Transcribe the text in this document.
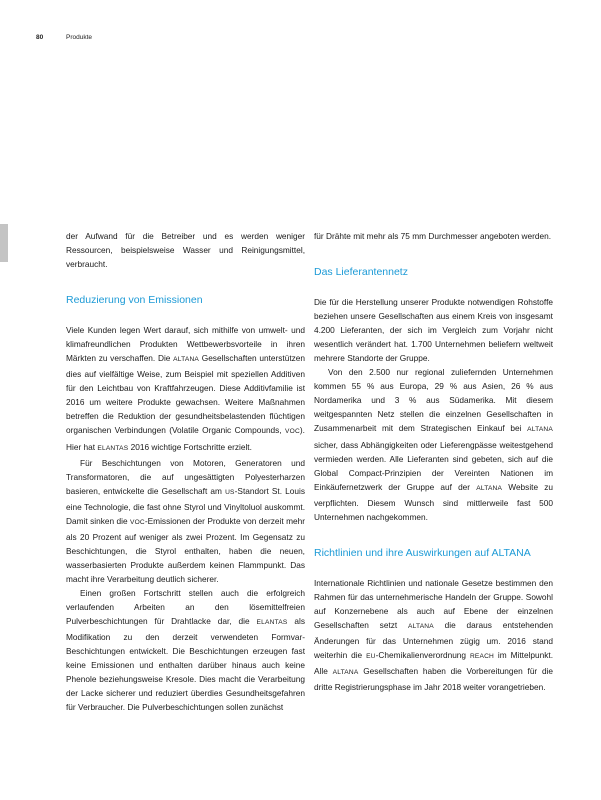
80	Produkte

der Aufwand für die Betreiber und es werden weniger Ressourcen, beispielsweise Wasser und Reinigungsmittel, verbraucht.

Reduzierung von Emissionen

Viele Kunden legen Wert darauf, sich mithilfe von umwelt- und klimafreundlichen Produkten Wettbewerbsvorteile in ihren Märkten zu verschaffen. Die ALTANA Gesellschaften unterstützen dies auf vielfältige Weise, zum Beispiel mit speziellen Additiven für den Leichtbau von Kraftfahrzeugen. Diese Additivfamilie ist 2016 um weitere Produkte gewachsen. Weitere Maßnahmen betreffen die Reduktion der gesundheitsbelastenden flüchtigen organischen Verbindungen (Volatile Organic Compounds, VOC). Hier hat ELANTAS 2016 wichtige Fortschritte erzielt.

Für Beschichtungen von Motoren, Generatoren und Transformatoren, die auf ungesättigten Polyesterharzen basieren, entwickelte die Gesellschaft am US-Standort St. Louis eine Technologie, die fast ohne Styrol und Vinyltoluol auskommt. Damit sinken die VOC-Emissionen der Produkte von derzeit mehr als 20 Prozent auf weniger als zwei Prozent. Im Gegensatz zu Beschichtungen, die Styrol enthalten, haben die neuen, wasserbasierten Produkte außerdem keinen Flammpunkt. Das macht ihre Verarbeitung deutlich sicherer.

Einen großen Fortschritt stellen auch die erfolgreich verlaufenden Arbeiten an den lösemittelfreien Pulverbeschichtungen für Drahtlacke dar, die ELANTAS als Modifikation zu den derzeit verwendeten Formvar-Beschichtungen entwickelt. Die Beschichtungen erzeugen fast keine Emissionen und enthalten darüber hinaus auch keine Phenole beziehungsweise Kresole. Dies macht die Verarbeitung der Lacke sicherer und reduziert überdies Gesundheitsgefahren für Verbraucher. Die Pulverbeschichtungen sollen zunächst

für Drähte mit mehr als 75 mm Durchmesser angeboten werden.

Das Lieferantennetz

Die für die Herstellung unserer Produkte notwendigen Rohstoffe beziehen unsere Gesellschaften aus einem Kreis von insgesamt 4.200 Lieferanten, der sich im Vergleich zum Vorjahr nicht wesentlich verändert hat. 1.700 Unternehmen beliefern weltweit mehrere Standorte der Gruppe.

Von den 2.500 nur regional zuliefernden Unternehmen kommen 55 % aus Europa, 29 % aus Asien, 26 % aus Nordamerika und 3 % aus Südamerika. Mit diesem weitgespannten Netz stellen die einzelnen Gesellschaften in Zusammenarbeit mit dem Strategischen Einkauf bei ALTANA sicher, dass Abhängigkeiten oder Lieferengpässe weitestgehend vermieden werden. Alle Lieferanten sind gebeten, sich auf die Global Compact-Prinzipien der Vereinten Nationen im Einkäufernetzwerk der Gruppe auf der ALTANA Website zu verpflichten. Diesem Wunsch sind mittlerweile fast 500 Unternehmen nachgekommen.

Richtlinien und ihre Auswirkungen auf ALTANA

Internationale Richtlinien und nationale Gesetze bestimmen den Rahmen für das unternehmerische Handeln der Gruppe. Sowohl auf Konzernebene als auch auf Ebene der einzelnen Gesellschaften setzt ALTANA die daraus entstehenden Änderungen für das Unternehmen zügig um. 2016 stand weiterhin die EU-Chemikalienverordnung REACH im Mittelpunkt. Alle ALTANA Gesellschaften haben die Vorbereitungen für die dritte Registrierungsphase im Jahr 2018 weiter vorangetrieben.
